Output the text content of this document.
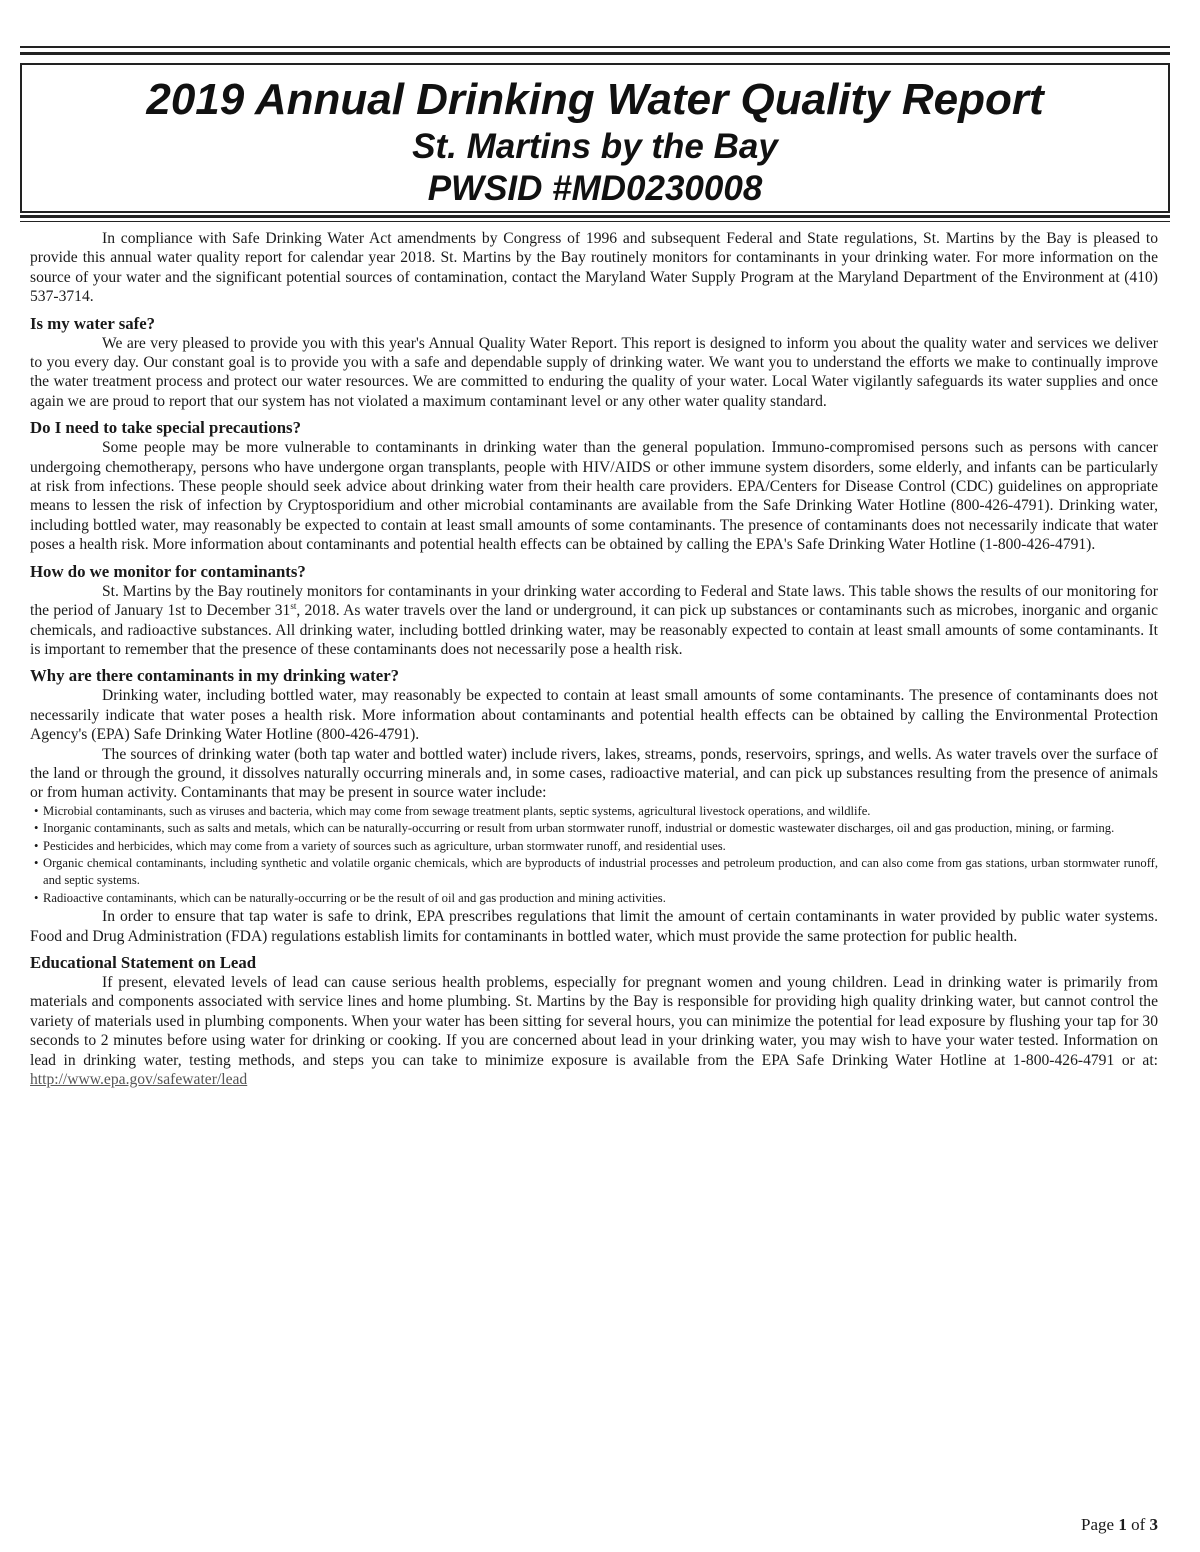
2019 Annual Drinking Water Quality Report
St. Martins by the Bay
PWSID #MD0230008

In compliance with Safe Drinking Water Act amendments by Congress of 1996 and subsequent Federal and State regulations, St. Martins by the Bay is pleased to provide this annual water quality report for calendar year 2018. St. Martins by the Bay routinely monitors for contaminants in your drinking water. For more information on the source of your water and the significant potential sources of contamination, contact the Maryland Water Supply Program at the Maryland Department of the Environment at (410) 537-3714.

Is my water safe?

We are very pleased to provide you with this year's Annual Quality Water Report. This report is designed to inform you about the quality water and services we deliver to you every day. Our constant goal is to provide you with a safe and dependable supply of drinking water. We want you to understand the efforts we make to continually improve the water treatment process and protect our water resources. We are committed to enduring the quality of your water. Local Water vigilantly safeguards its water supplies and once again we are proud to report that our system has not violated a maximum contaminant level or any other water quality standard.

Do I need to take special precautions?

Some people may be more vulnerable to contaminants in drinking water than the general population. Immuno-compromised persons such as persons with cancer undergoing chemotherapy, persons who have undergone organ transplants, people with HIV/AIDS or other immune system disorders, some elderly, and infants can be particularly at risk from infections. These people should seek advice about drinking water from their health care providers. EPA/Centers for Disease Control (CDC) guidelines on appropriate means to lessen the risk of infection by Cryptosporidium and other microbial contaminants are available from the Safe Drinking Water Hotline (800-426-4791). Drinking water, including bottled water, may reasonably be expected to contain at least small amounts of some contaminants. The presence of contaminants does not necessarily indicate that water poses a health risk. More information about contaminants and potential health effects can be obtained by calling the EPA's Safe Drinking Water Hotline (1-800-426-4791).

How do we monitor for contaminants?

St. Martins by the Bay routinely monitors for contaminants in your drinking water according to Federal and State laws. This table shows the results of our monitoring for the period of January 1st to December 31st, 2018. As water travels over the land or underground, it can pick up substances or contaminants such as microbes, inorganic and organic chemicals, and radioactive substances. All drinking water, including bottled drinking water, may be reasonably expected to contain at least small amounts of some contaminants. It is important to remember that the presence of these contaminants does not necessarily pose a health risk.

Why are there contaminants in my drinking water?

Drinking water, including bottled water, may reasonably be expected to contain at least small amounts of some contaminants. The presence of contaminants does not necessarily indicate that water poses a health risk. More information about contaminants and potential health effects can be obtained by calling the Environmental Protection Agency's (EPA) Safe Drinking Water Hotline (800-426-4791).

The sources of drinking water (both tap water and bottled water) include rivers, lakes, streams, ponds, reservoirs, springs, and wells. As water travels over the surface of the land or through the ground, it dissolves naturally occurring minerals and, in some cases, radioactive material, and can pick up substances resulting from the presence of animals or from human activity. Contaminants that may be present in source water include:

• Microbial contaminants, such as viruses and bacteria, which may come from sewage treatment plants, septic systems, agricultural livestock operations, and wildlife.
• Inorganic contaminants, such as salts and metals, which can be naturally-occurring or result from urban stormwater runoff, industrial or domestic wastewater discharges, oil and gas production, mining, or farming.
• Pesticides and herbicides, which may come from a variety of sources such as agriculture, urban stormwater runoff, and residential uses.
• Organic chemical contaminants, including synthetic and volatile organic chemicals, which are byproducts of industrial processes and petroleum production, and can also come from gas stations, urban stormwater runoff, and septic systems.
• Radioactive contaminants, which can be naturally-occurring or be the result of oil and gas production and mining activities.

In order to ensure that tap water is safe to drink, EPA prescribes regulations that limit the amount of certain contaminants in water provided by public water systems. Food and Drug Administration (FDA) regulations establish limits for contaminants in bottled water, which must provide the same protection for public health.

Educational Statement on Lead

If present, elevated levels of lead can cause serious health problems, especially for pregnant women and young children. Lead in drinking water is primarily from materials and components associated with service lines and home plumbing. St. Martins by the Bay is responsible for providing high quality drinking water, but cannot control the variety of materials used in plumbing components. When your water has been sitting for several hours, you can minimize the potential for lead exposure by flushing your tap for 30 seconds to 2 minutes before using water for drinking or cooking. If you are concerned about lead in your drinking water, you may wish to have your water tested. Information on lead in drinking water, testing methods, and steps you can take to minimize exposure is available from the EPA Safe Drinking Water Hotline at 1-800-426-4791 or at: http://www.epa.gov/safewater/lead

Page 1 of 3
